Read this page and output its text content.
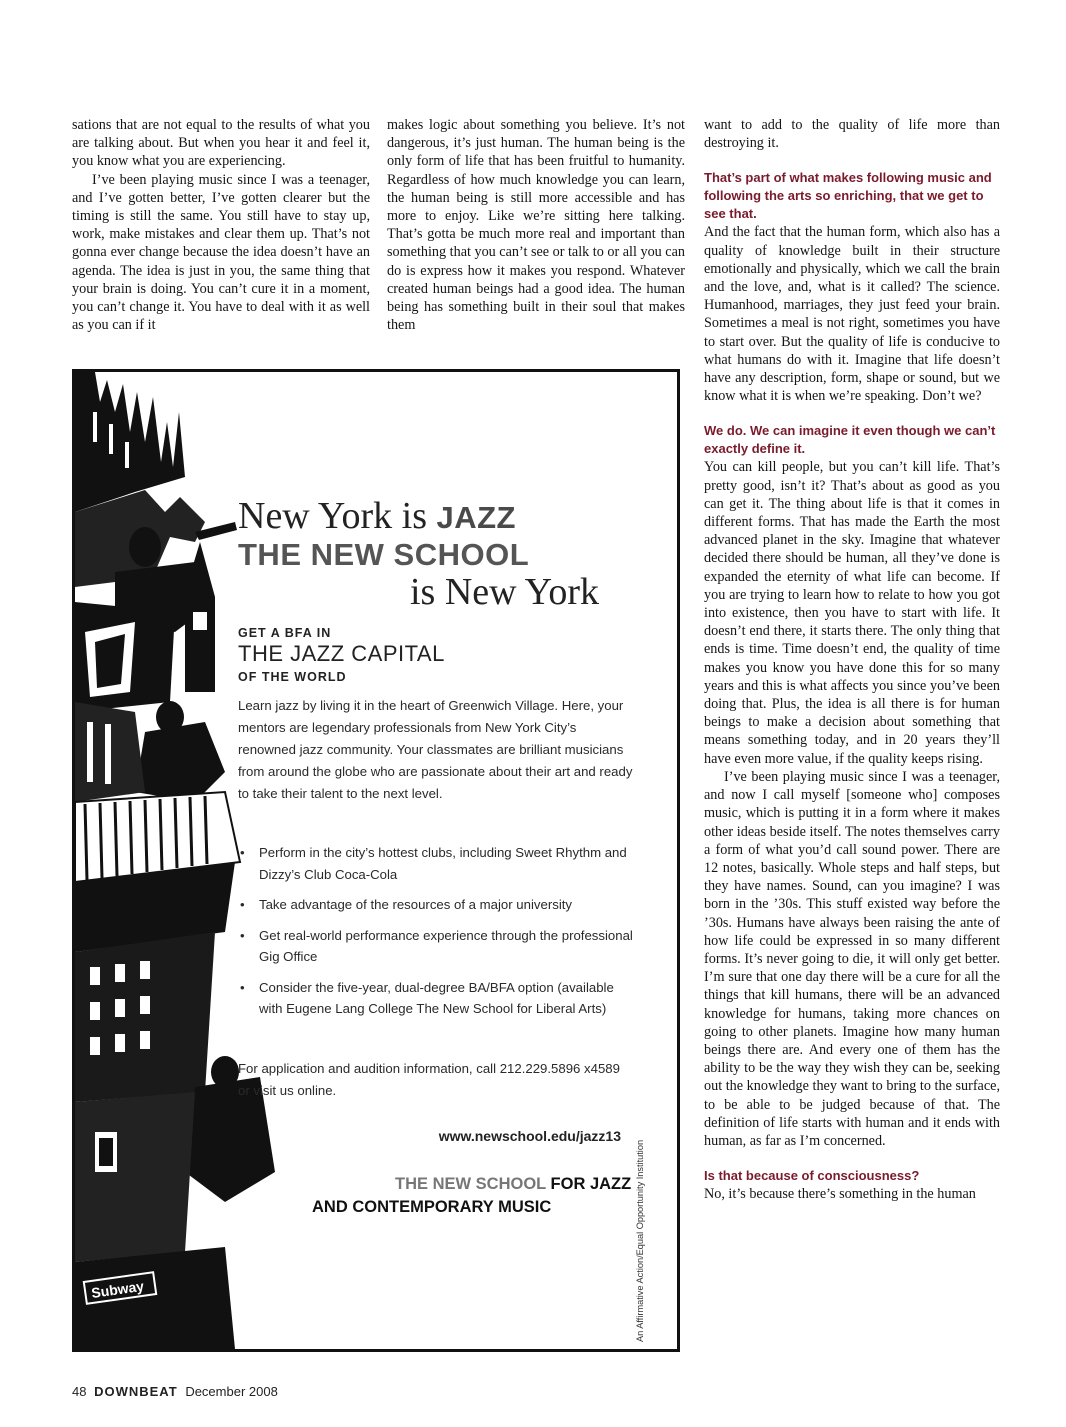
sations that are not equal to the results of what you are talking about. But when you hear it and feel it, you know what you are experiencing.

I’ve been playing music since I was a teenager, and I’ve gotten better, I’ve gotten clearer but the timing is still the same. You still have to stay up, work, make mistakes and clear them up. That’s not gonna ever change because the idea doesn’t have an agenda. The idea is just in you, the same thing that your brain is doing. You can’t cure it in a moment, you can’t change it. You have to deal with it as well as you can if it

makes logic about something you believe. It’s not dangerous, it’s just human. The human being is the only form of life that has been fruitful to humanity. Regardless of how much knowledge you can learn, the human being is still more accessible and has more to enjoy. Like we’re sitting here talking. That’s gotta be much more real and important than something that you can’t see or talk to or all you can do is express how it makes you respond. Whatever created human beings had a good idea. The human being has something built in their soul that makes them

want to add to the quality of life more than destroying it.

That’s part of what makes following music and following the arts so enriching, that we get to see that.

And the fact that the human form, which also has a quality of knowledge built in their structure emotionally and physically, which we call the brain and the love, and, what is it called? The science. Humanhood, marriages, they just feed your brain. Sometimes a meal is not right, sometimes you have to start over. But the quality of life is conducive to what humans do with it. Imagine that life doesn’t have any description, form, shape or sound, but we know what it is when we’re speaking. Don’t we?

We do. We can imagine it even though we can’t exactly define it.

You can kill people, but you can’t kill life. That’s pretty good, isn’t it? That’s about as good as you can get it. The thing about life is that it comes in different forms. That has made the Earth the most advanced planet in the sky. Imagine that whatever decided there should be human, all they’ve done is expanded the eternity of what life can become. If you are trying to learn how to relate to how you got into existence, then you have to start with life. It doesn’t end there, it starts there. The only thing that ends is time. Time doesn’t end, the quality of time makes you know you have done this for so many years and this is what affects you since you’ve been doing that. Plus, the idea is all there is for human beings to make a decision about something that means something today, and in 20 years they’ll have even more value, if the quality keeps rising.

I’ve been playing music since I was a teenager, and now I call myself [someone who] composes music, which is putting it in a form where it makes other ideas beside itself. The notes themselves carry a form of what you’d call sound power. There are 12 notes, basically. Whole steps and half steps, but they have names. Sound, can you imagine? I was born in the ’30s. This stuff existed way before the ’30s. Humans have always been raising the ante of how life could be expressed in so many different forms. It’s never going to die, it will only get better. I’m sure that one day there will be a cure for all the things that kill humans, there will be an advanced knowledge for humans, taking more chances on going to other planets. Imagine how many human beings there are. And every one of them has the ability to be the way they wish they can be, seeking out the knowledge they want to bring to the surface, to be able to be judged because of that. The definition of life starts with human and it ends with human, as far as I’m concerned.

Is that because of consciousness?

No, it’s because there’s something in the human

Subway
New York is JAZZ
THE NEW SCHOOL
is New York
GET A BFA IN
THE JAZZ CAPITAL
OF THE WORLD
Learn jazz by living it in the heart of Greenwich Village. Here, your mentors are legendary professionals from New York City’s renowned jazz community. Your classmates are brilliant musicians from around the globe who are passionate about their art and ready to take their talent to the next level.
• Perform in the city’s hottest clubs, including Sweet Rhythm and Dizzy’s Club Coca-Cola
• Take advantage of the resources of a major university
• Get real-world performance experience through the professional Gig Office
• Consider the five-year, dual-degree BA/BFA option (available with Eugene Lang College The New School for Liberal Arts)
For application and audition information, call 212.229.5896 x4589 or visit us online.
www.newschool.edu/jazz13
THE NEW SCHOOL FOR JAZZ
AND CONTEMPORARY MUSIC	An Affirmative Action/Equal Opportunity Institution
48 DOWNBEAT December 2008
